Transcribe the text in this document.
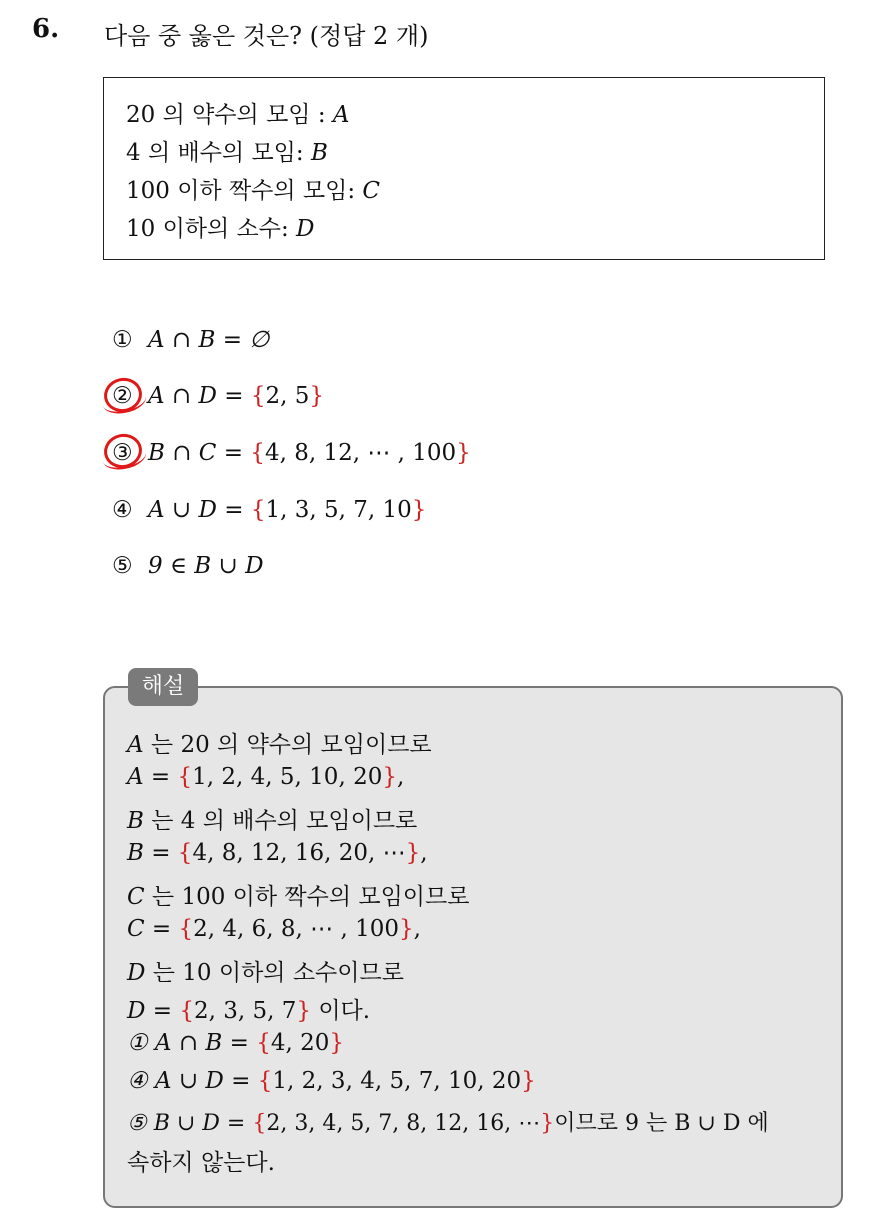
6. 다음 중 옳은 것은? (정답 2 개)
20 의 약수의 모임 : A
4 의 배수의 모임: B
100 이하 짝수의 모임: C
10 이하의 소수: D
① A ∩ B = ∅
② A ∩ D = {2, 5}
③ B ∩ C = {4, 8, 12, ⋯ , 100}
④ A ∪ D = {1, 3, 5, 7, 10}
⑤ 9 ∈ B ∪ D
해설
A 는 20 의 약수의 모임이므로
A = {1, 2, 4, 5, 10, 20},
B 는 4 의 배수의 모임이므로
B = {4, 8, 12, 16, 20, ⋯},
C 는 100 이하 짝수의 모임이므로
C = {2, 4, 6, 8, ⋯ , 100},
D 는 10 이하의 소수이므로
D = {2, 3, 5, 7} 이다.
① A ∩ B = {4, 20}
④ A ∪ D = {1, 2, 3, 4, 5, 7, 10, 20}
⑤ B ∪ D = {2, 3, 4, 5, 7, 8, 12, 16, ⋯}이므로 9 는 B ∪ D 에
속하지 않는다.
